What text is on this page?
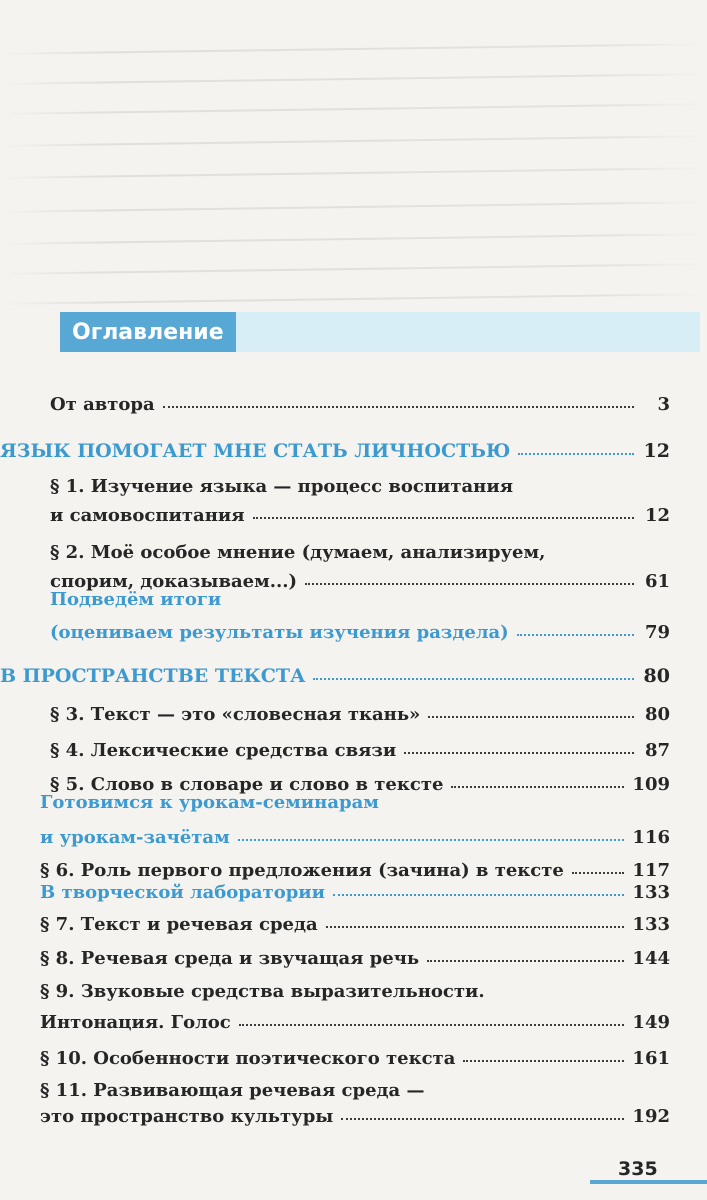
Оглавление
От автора	3
ЯЗЫК ПОМОГАЕТ МНЕ СТАТЬ ЛИЧНОСТЬЮ	12
§ 1. Изучение языка — процесс воспитания
и самовоспитания	12
§ 2. Моё особое мнение (думаем, анализируем,
спорим, доказываем...)	61
Подведём итоги
(оцениваем результаты изучения раздела)	79
В ПРОСТРАНСТВЕ ТЕКСТА	80
§ 3. Текст — это «словесная ткань»	80
§ 4. Лексические средства связи	87
§ 5. Слово в словаре и слово в тексте	109
Готовимся к урокам-семинарам
и урокам-зачётам	116
§ 6. Роль первого предложения (зачина) в тексте	117
В творческой лаборатории	133
§ 7. Текст и речевая среда	133
§ 8. Речевая среда и звучащая речь	144
§ 9. Звуковые средства выразительности.
Интонация. Голос	149
§ 10. Особенности поэтического текста	161
§ 11. Развивающая речевая среда —
это пространство культуры	192
335
